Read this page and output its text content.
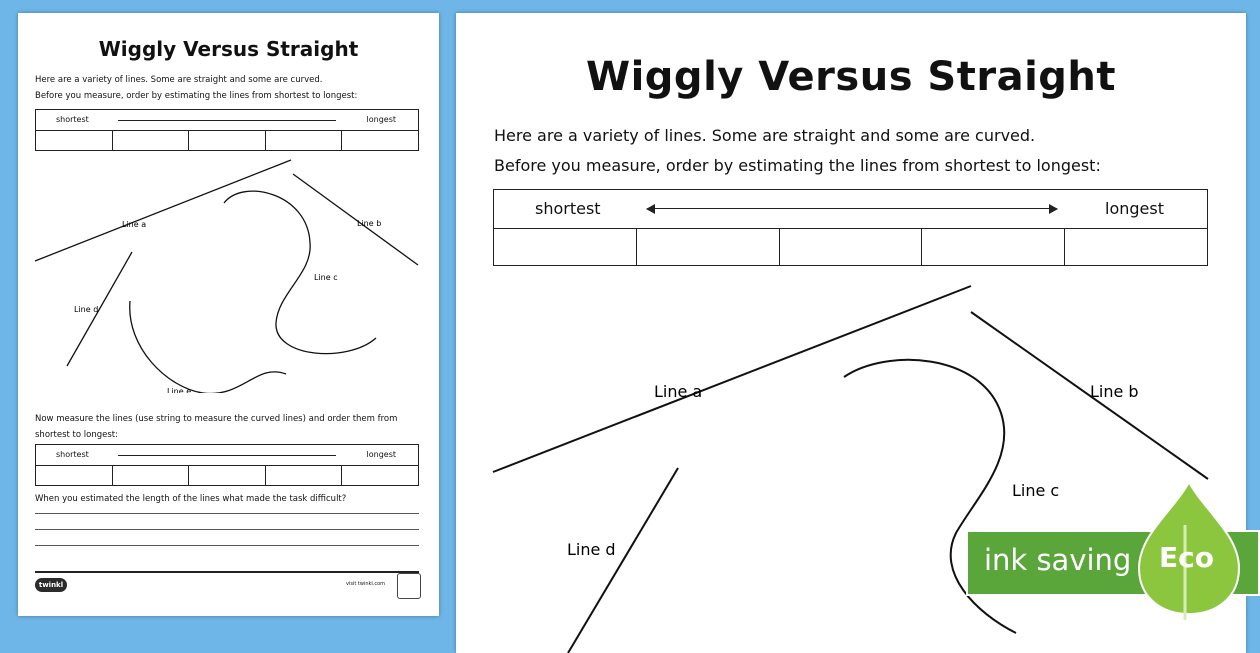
Wiggly Versus Straight
Here are a variety of lines. Some are straight and some are curved.
Before you measure, order by estimating the lines from shortest to longest:
shortest	longest
Line a	Line b
Line c
Line d
Line e
Now measure the lines (use string to measure the curved lines) and order them from shortest to longest:
shortest	longest
When you estimated the length of the lines what made the task difficult?
twinkl	visit twinkl.com
Wiggly Versus Straight
Here are a variety of lines. Some are straight and some are curved.
Before you measure, order by estimating the lines from shortest to longest:
shortest	longest
Line a	Line b
Line c
Line d	ink saving Eco
